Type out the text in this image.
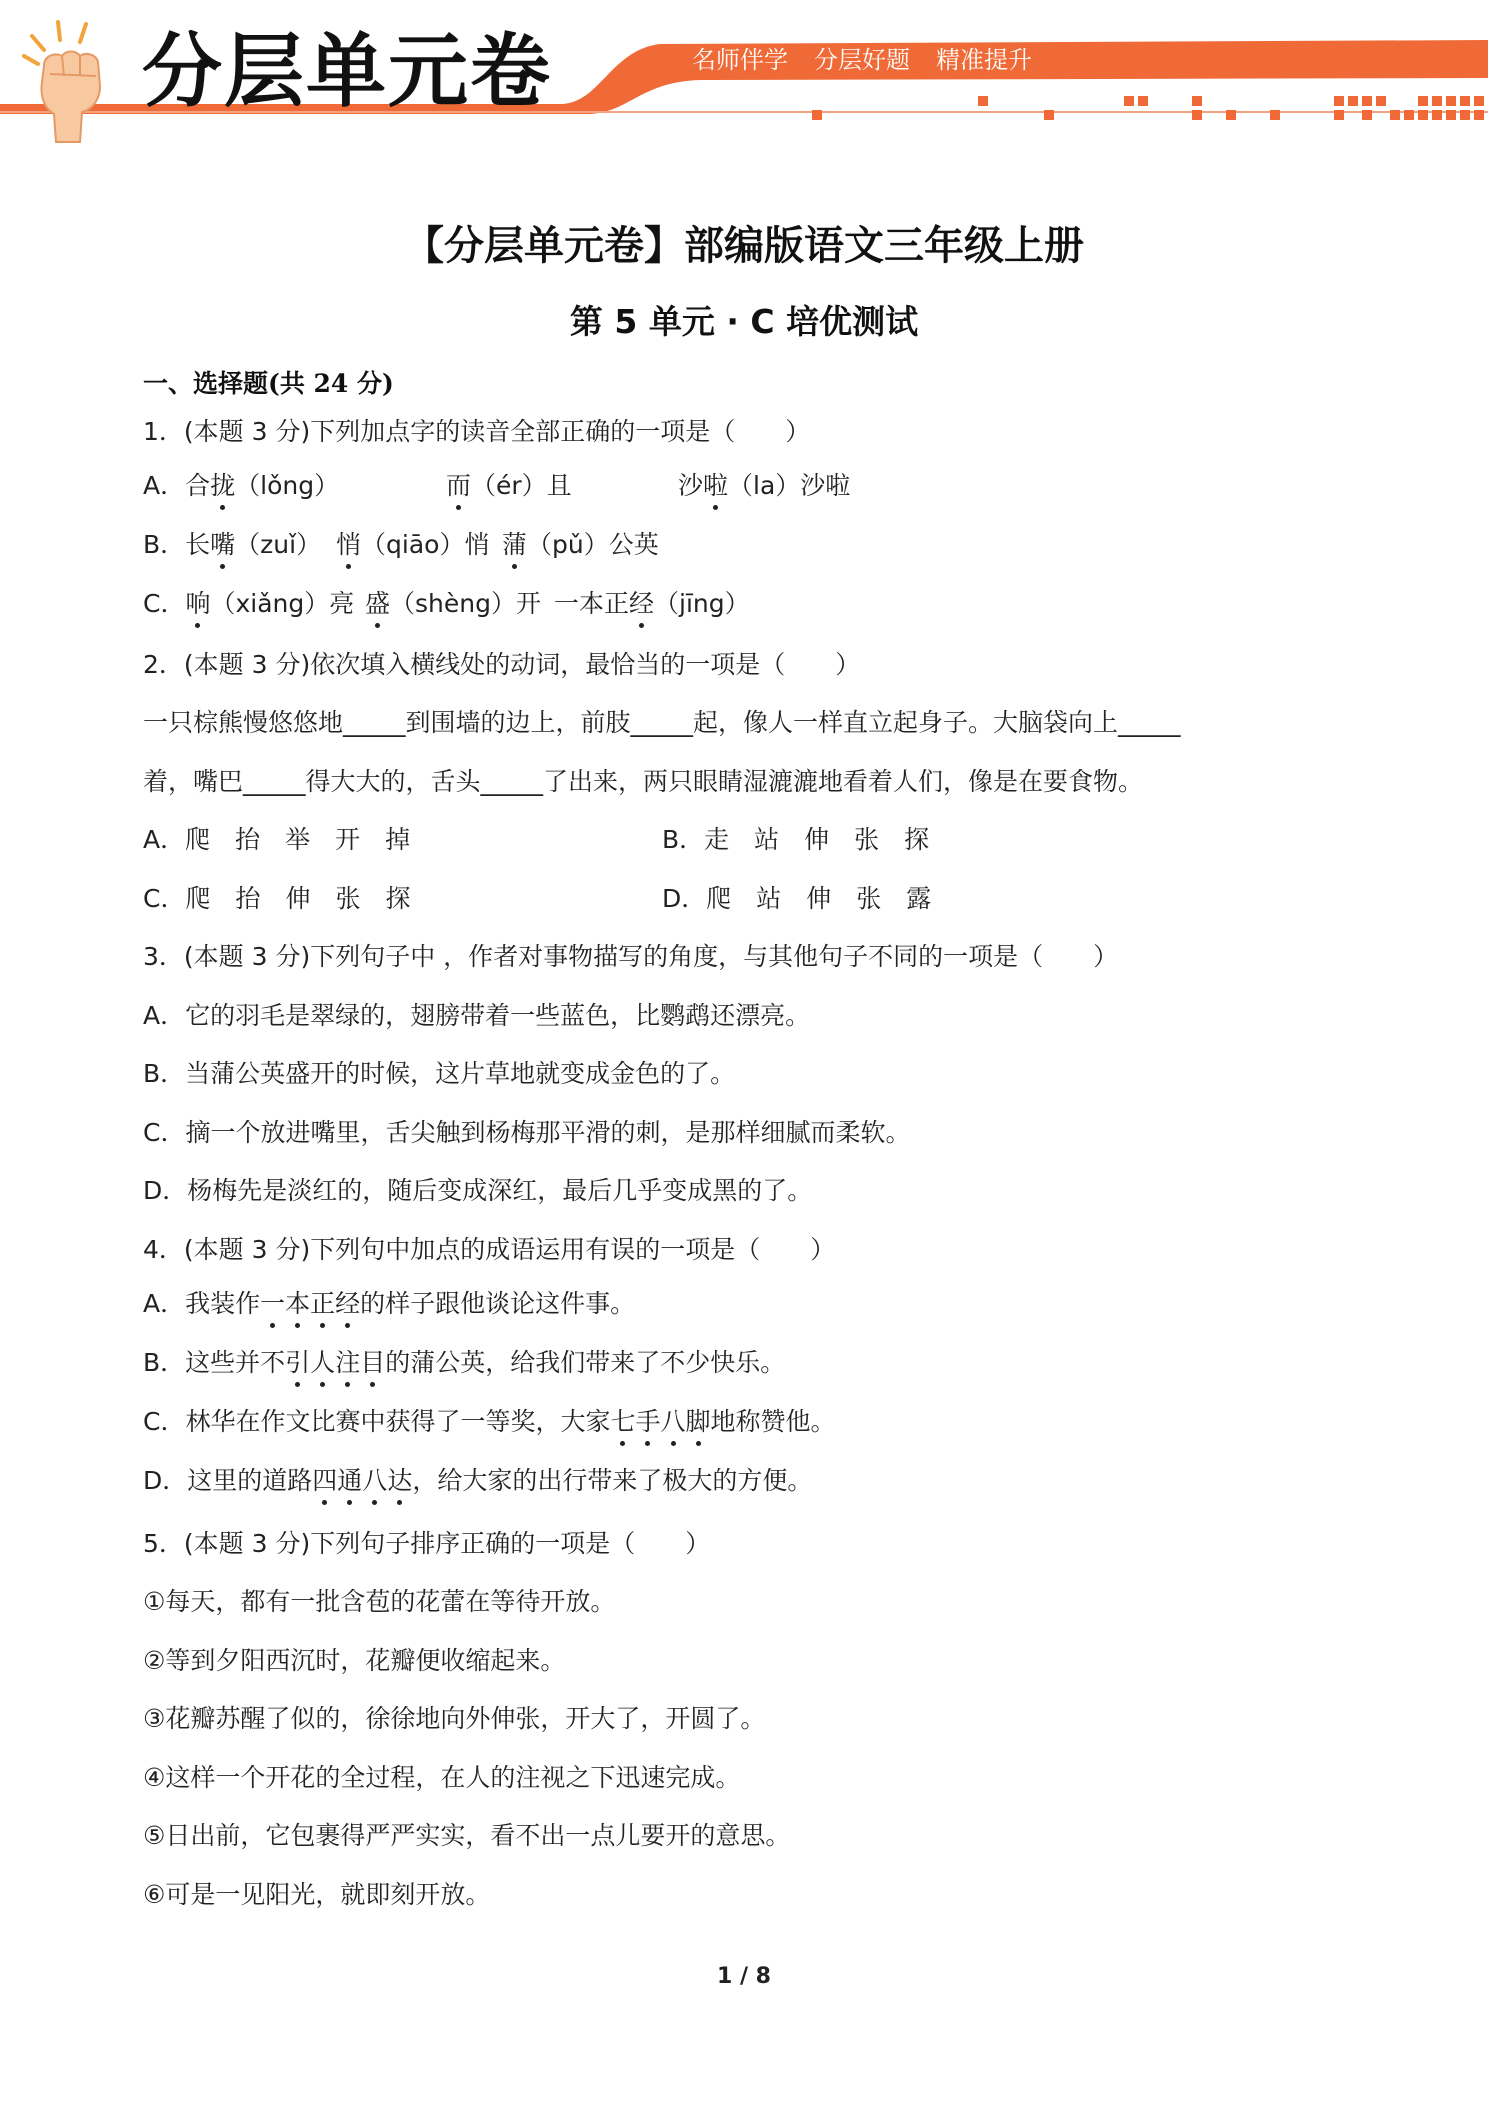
分层单元卷	名师伴学 分层好题 精准提升
【分层单元卷】部编版语文三年级上册
第 5 单元 · C 培优测试
一、选择题(共 24 分)
1．(本题 3 分)下列加点字的读音全部正确的一项是（　　）
A．合拢（lǒng）	而（ér）且	沙啦（la）沙啦
B．长嘴（zuǐ） 悄（qiāo）悄 蒲（pǔ）公英
C．响（xiǎng）亮 盛（shèng）开 一本正经（jīng）
2．(本题 3 分)依次填入横线处的动词，最恰当的一项是（　　）
一只棕熊慢悠悠地_____到围墙的边上，前肢_____起，像人一样直立起身子。大脑袋向上_____
着，嘴巴_____得大大的，舌头_____了出来，两只眼睛湿漉漉地看着人们，像是在要食物。
A．爬　抬　举　开　掉	B．走　站　伸　张　探
C．爬　抬　伸　张　探	D．爬　站　伸　张　露
3．(本题 3 分)下列句子中 ，作者对事物描写的角度，与其他句子不同的一项是（　　）
A．它的羽毛是翠绿的，翅膀带着一些蓝色，比鹦鹉还漂亮。
B．当蒲公英盛开的时候，这片草地就变成金色的了。
C．摘一个放进嘴里，舌尖触到杨梅那平滑的刺，是那样细腻而柔软。
D．杨梅先是淡红的，随后变成深红，最后几乎变成黑的了。
4．(本题 3 分)下列句中加点的成语运用有误的一项是（　　）
A．我装作一本正经的样子跟他谈论这件事。
B．这些并不引人注目的蒲公英，给我们带来了不少快乐。
C．林华在作文比赛中获得了一等奖，大家七手八脚地称赞他。
D．这里的道路四通八达，给大家的出行带来了极大的方便。
5．(本题 3 分)下列句子排序正确的一项是（　　）
①每天，都有一批含苞的花蕾在等待开放。
②等到夕阳西沉时，花瓣便收缩起来。
③花瓣苏醒了似的，徐徐地向外伸张，开大了，开圆了。
④这样一个开花的全过程，在人的注视之下迅速完成。
⑤日出前，它包裹得严严实实，看不出一点儿要开的意思。
⑥可是一见阳光，就即刻开放。
1 / 8
